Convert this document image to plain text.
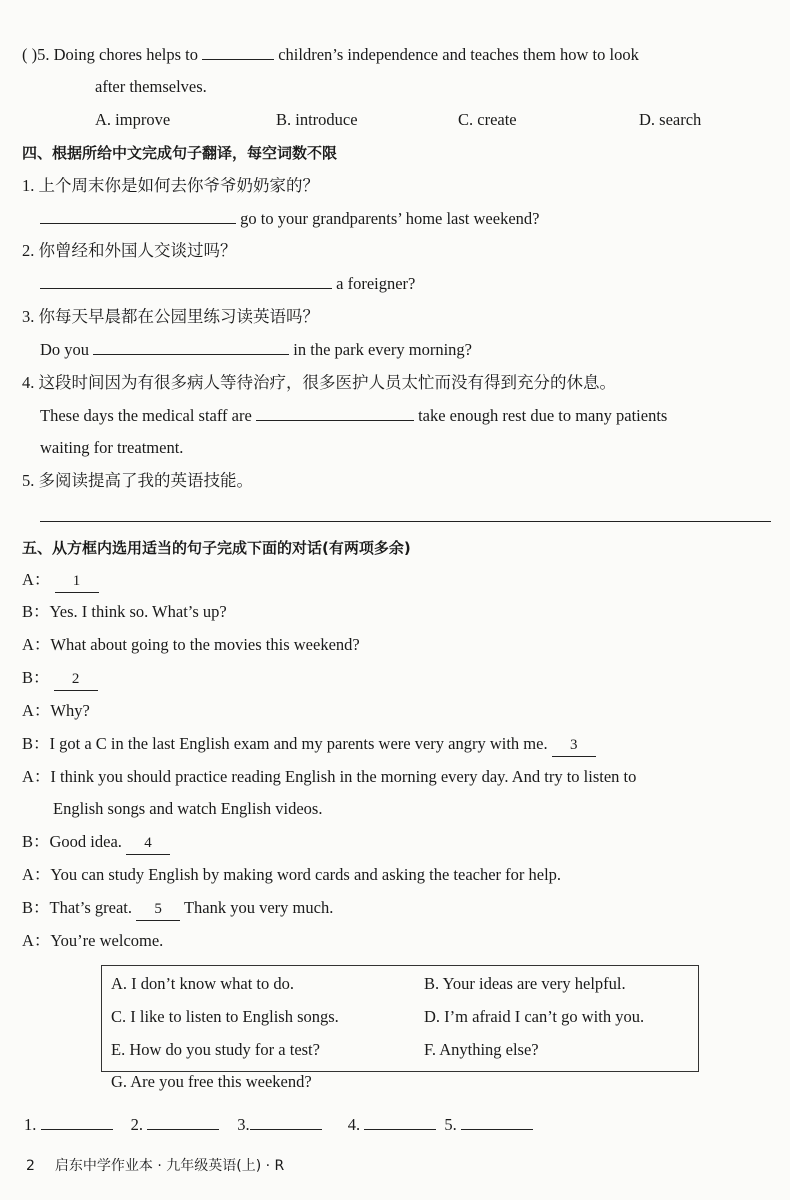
( )5. Doing chores helps to	children’s independence and teaches them how to look
after themselves.
A. improve	B. introduce	C. create	D. search
四、根据所给中文完成句子翻译，每空词数不限
1. 上个周末你是如何去你爷爷奶奶家的？
go to your grandparents’ home last weekend?
2. 你曾经和外国人交谈过吗？
a foreigner?
3. 你每天早晨都在公园里练习读英语吗？
Do you	in the park every morning?
4. 这段时间因为有很多病人等待治疗，很多医护人员太忙而没有得到充分的休息。
These days the medical staff are	take enough rest due to many patients
waiting for treatment.
5. 多阅读提高了我的英语技能。
五、从方框内选用适当的句子完成下面的对话(有两项多余)
A： 1
B：Yes. I think so. What’s up?
A：What about going to the movies this weekend?
B： 2
A：Why?
B：I got a C in the last English exam and my parents were very angry with me. 3
A：I think you should practice reading English in the morning every day. And try to listen to
English songs and watch English videos.
B：Good idea. 4
A：You can study English by making word cards and asking the teacher for help.
B：That’s great. 5 Thank you very much.
A：You’re welcome.
A. I don’t know what to do.	B. Your ideas are very helpful.
C. I like to listen to English songs.	D. I’m afraid I can’t go with you.
E. How do you study for a test?	F. Anything else?
G. Are you free this weekend?
1.	2.	3.	4.	5.
2 启东中学作业本 · 九年级英语(上) · R
